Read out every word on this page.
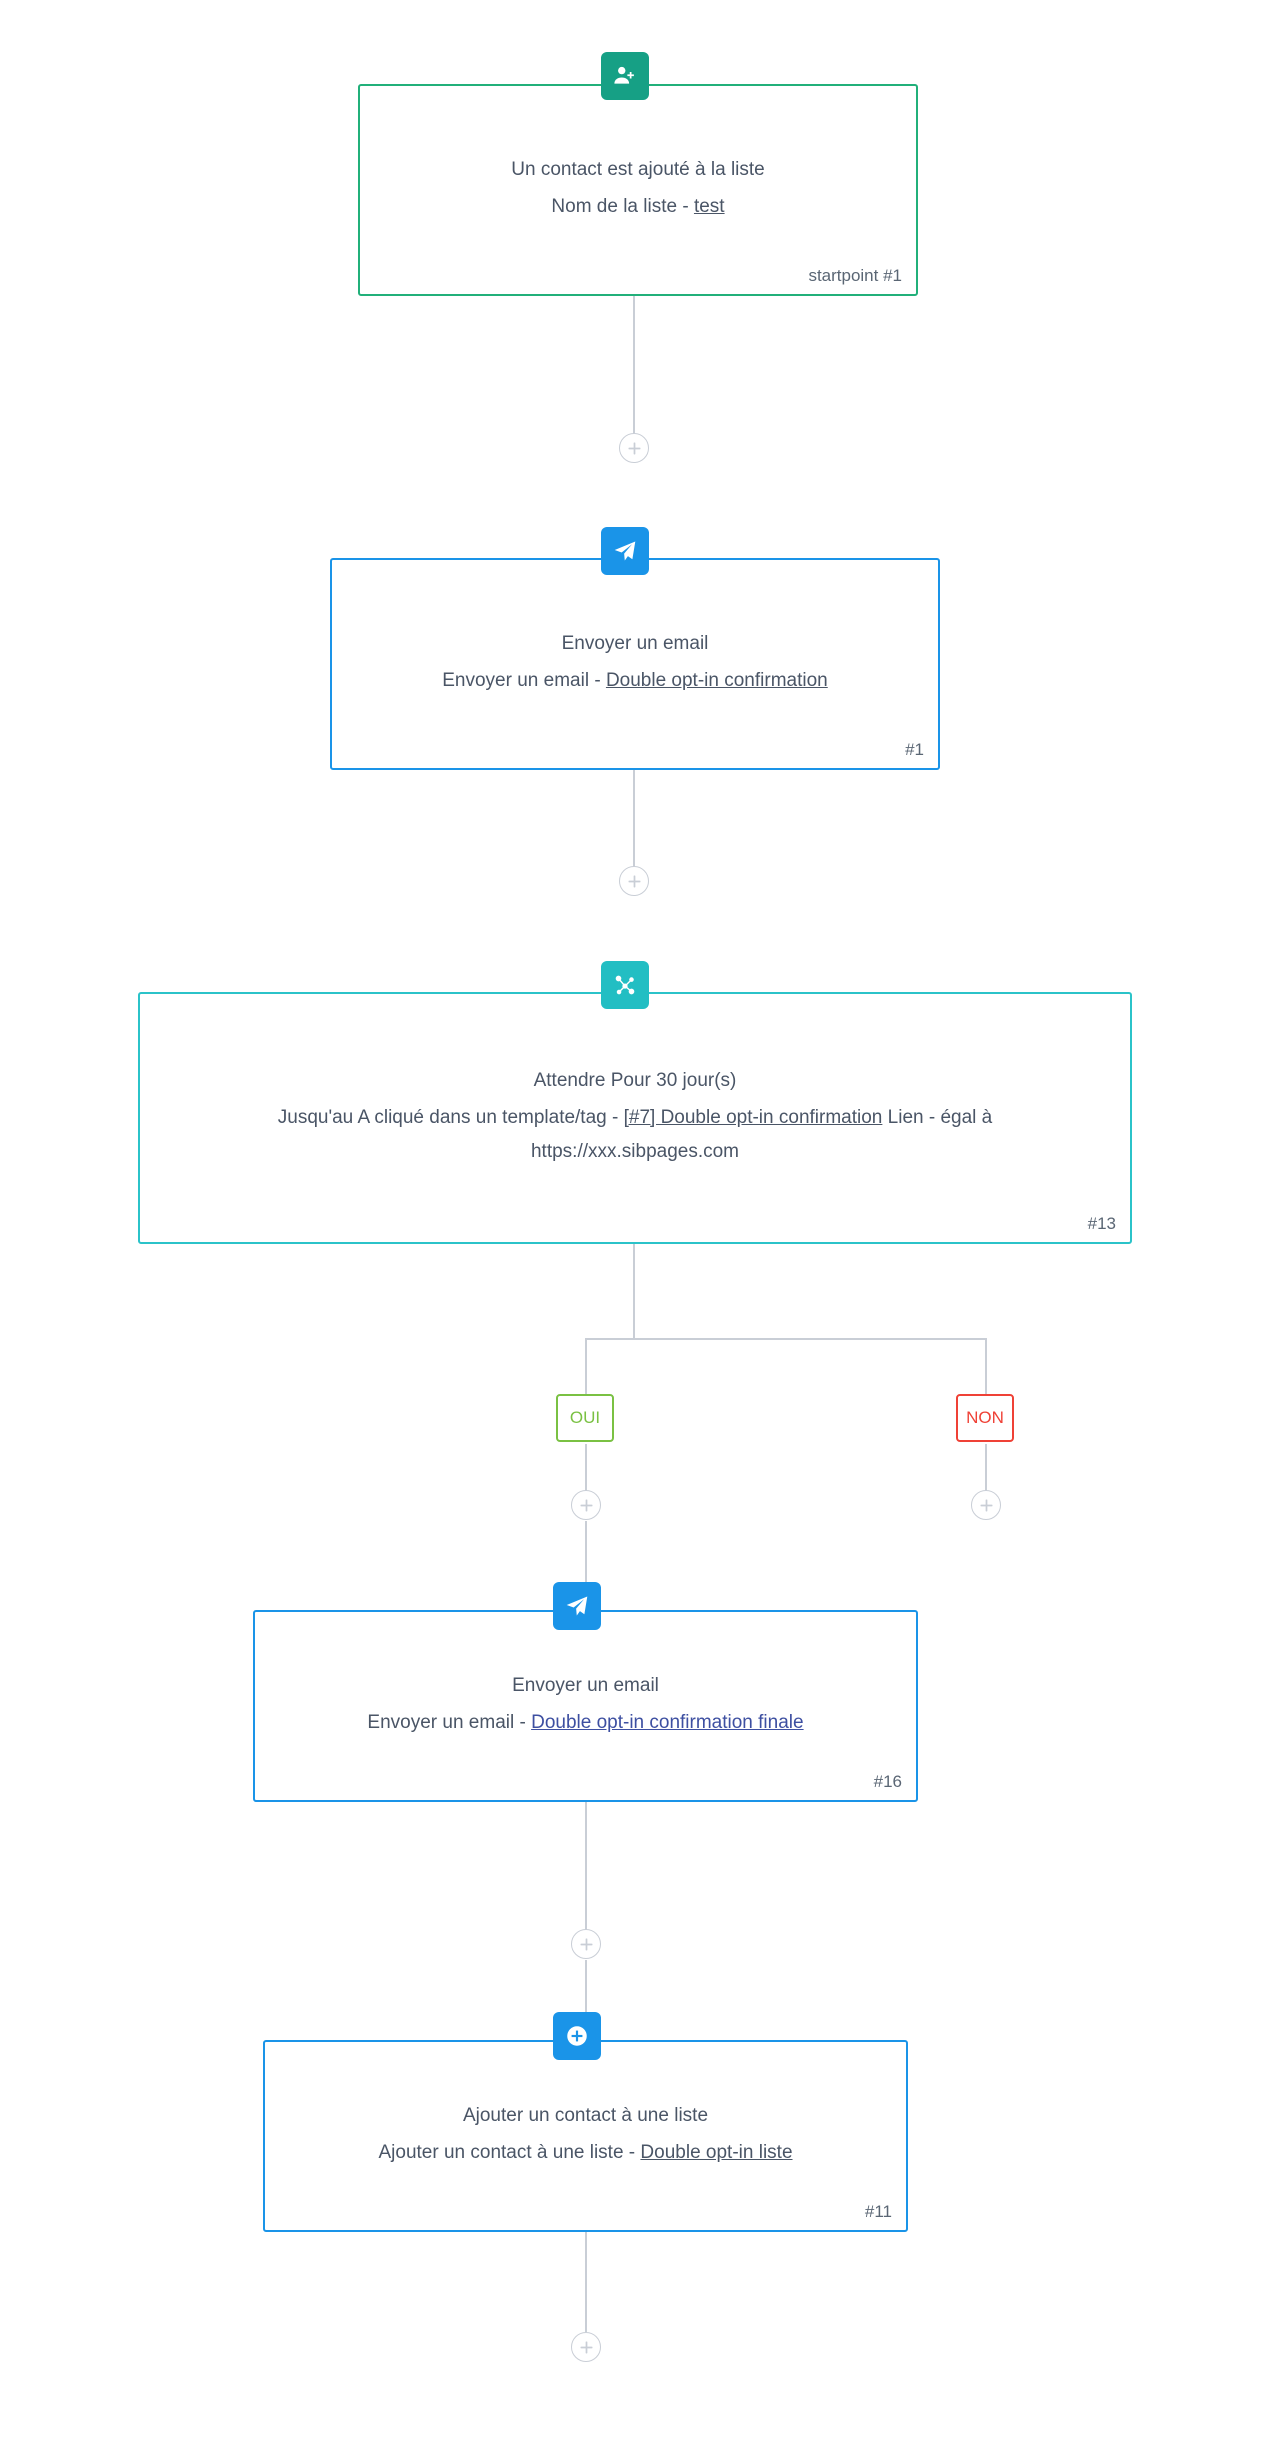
Un contact est ajouté à la liste
Nom de la liste - test
startpoint #1
Envoyer un email
Envoyer un email - Double opt-in confirmation
#1
Attendre Pour 30 jour(s)
Jusqu'au A cliqué dans un template/tag - [#7] Double opt-in confirmation Lien - égal à https://xxx.sibpages.com
#13
OUI	NON
Envoyer un email
Envoyer un email - Double opt-in confirmation finale
#16
Ajouter un contact à une liste
Ajouter un contact à une liste - Double opt-in liste
#11
